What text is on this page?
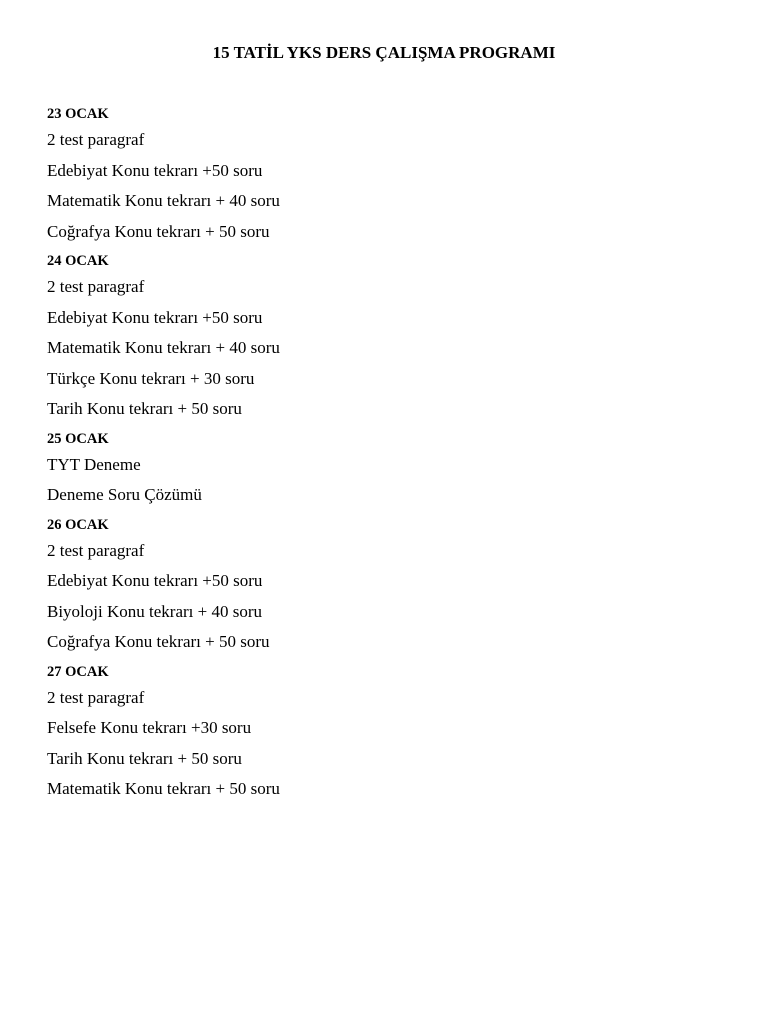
15 TATİL YKS DERS ÇALIŞMA PROGRAMI
23 OCAK
2 test paragraf
Edebiyat Konu tekrarı +50 soru
Matematik Konu tekrarı + 40 soru
Coğrafya Konu tekrarı + 50 soru
24 OCAK
2 test paragraf
Edebiyat Konu tekrarı +50 soru
Matematik Konu tekrarı + 40 soru
Türkçe Konu tekrarı + 30 soru
Tarih Konu tekrarı + 50 soru
25 OCAK
TYT Deneme
Deneme Soru Çözümü
26 OCAK
2 test paragraf
Edebiyat Konu tekrarı +50 soru
Biyoloji Konu tekrarı + 40 soru
Coğrafya Konu tekrarı + 50 soru
27 OCAK
2 test paragraf
Felsefe Konu tekrarı +30 soru
Tarih Konu tekrarı + 50 soru
Matematik Konu tekrarı + 50 soru
